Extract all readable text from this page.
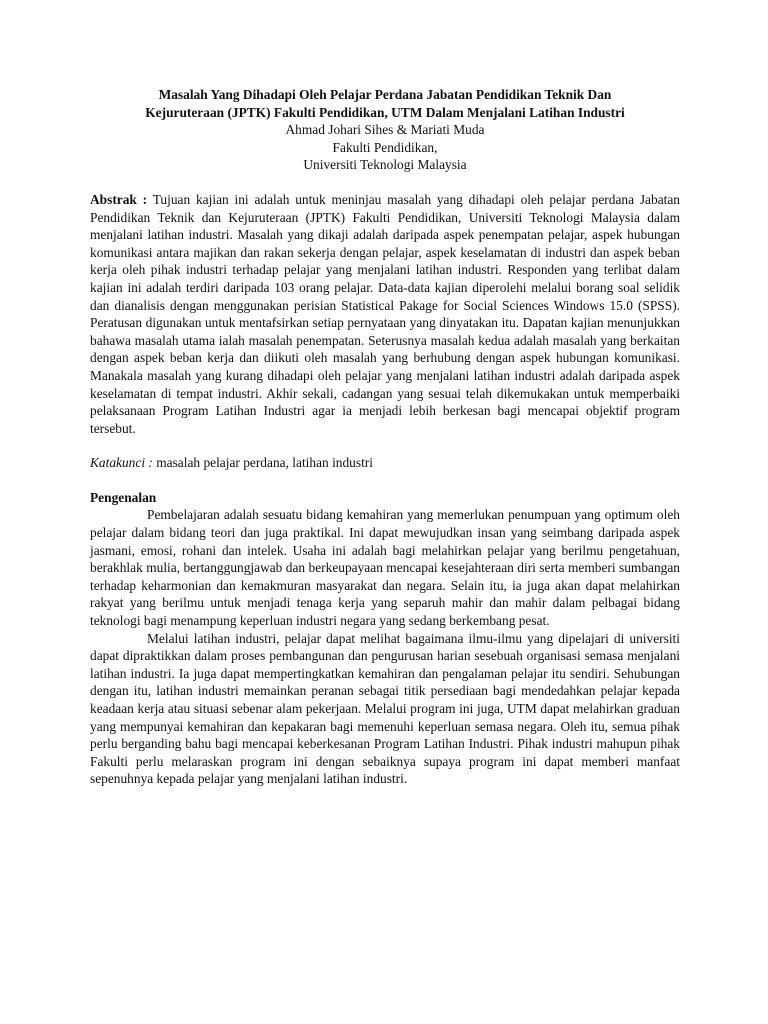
Masalah Yang Dihadapi Oleh Pelajar Perdana Jabatan Pendidikan Teknik Dan
Kejuruteraan (JPTK) Fakulti Pendidikan, UTM Dalam Menjalani Latihan Industri
Ahmad Johari Sihes & Mariati Muda
Fakulti Pendidikan,
Universiti Teknologi Malaysia

Abstrak : Tujuan kajian ini adalah untuk meninjau masalah yang dihadapi oleh pelajar perdana Jabatan Pendidikan Teknik dan Kejuruteraan (JPTK) Fakulti Pendidikan, Universiti Teknologi Malaysia dalam menjalani latihan industri. Masalah yang dikaji adalah daripada aspek penempatan pelajar, aspek hubungan komunikasi antara majikan dan rakan sekerja dengan pelajar, aspek keselamatan di industri dan aspek beban kerja oleh pihak industri terhadap pelajar yang menjalani latihan industri. Responden yang terlibat dalam kajian ini adalah terdiri daripada 103 orang pelajar. Data-data kajian diperolehi melalui borang soal selidik dan dianalisis dengan menggunakan perisian Statistical Pakage for Social Sciences Windows 15.0 (SPSS). Peratusan digunakan untuk mentafsirkan setiap pernyataan yang dinyatakan itu. Dapatan kajian menunjukkan bahawa masalah utama ialah masalah penempatan. Seterusnya masalah kedua adalah masalah yang berkaitan dengan aspek beban kerja dan diikuti oleh masalah yang berhubung dengan aspek hubungan komunikasi. Manakala masalah yang kurang dihadapi oleh pelajar yang menjalani latihan industri adalah daripada aspek keselamatan di tempat industri. Akhir sekali, cadangan yang sesuai telah dikemukakan untuk memperbaiki pelaksanaan Program Latihan Industri agar ia menjadi lebih berkesan bagi mencapai objektif program tersebut.

Katakunci : masalah pelajar perdana, latihan industri

Pengenalan

Pembelajaran adalah sesuatu bidang kemahiran yang memerlukan penumpuan yang optimum oleh pelajar dalam bidang teori dan juga praktikal. Ini dapat mewujudkan insan yang seimbang daripada aspek jasmani, emosi, rohani dan intelek. Usaha ini adalah bagi melahirkan pelajar yang berilmu pengetahuan, berakhlak mulia, bertanggungjawab dan berkeupayaan mencapai kesejahteraan diri serta memberi sumbangan terhadap keharmonian dan kemakmuran masyarakat dan negara. Selain itu, ia juga akan dapat melahirkan rakyat yang berilmu untuk menjadi tenaga kerja yang separuh mahir dan mahir dalam pelbagai bidang teknologi bagi menampung keperluan industri negara yang sedang berkembang pesat.

Melalui latihan industri, pelajar dapat melihat bagaimana ilmu-ilmu yang dipelajari di universiti dapat dipraktikkan dalam proses pembangunan dan pengurusan harian sesebuah organisasi semasa menjalani latihan industri. Ia juga dapat mempertingkatkan kemahiran dan pengalaman pelajar itu sendiri. Sehubungan dengan itu, latihan industri memainkan peranan sebagai titik persediaan bagi mendedahkan pelajar kepada keadaan kerja atau situasi sebenar alam pekerjaan. Melalui program ini juga, UTM dapat melahirkan graduan yang mempunyai kemahiran dan kepakaran bagi memenuhi keperluan semasa negara. Oleh itu, semua pihak perlu berganding bahu bagi mencapai keberkesanan Program Latihan Industri. Pihak industri mahupun pihak Fakulti perlu melaraskan program ini dengan sebaiknya supaya program ini dapat memberi manfaat sepenuhnya kepada pelajar yang menjalani latihan industri.
